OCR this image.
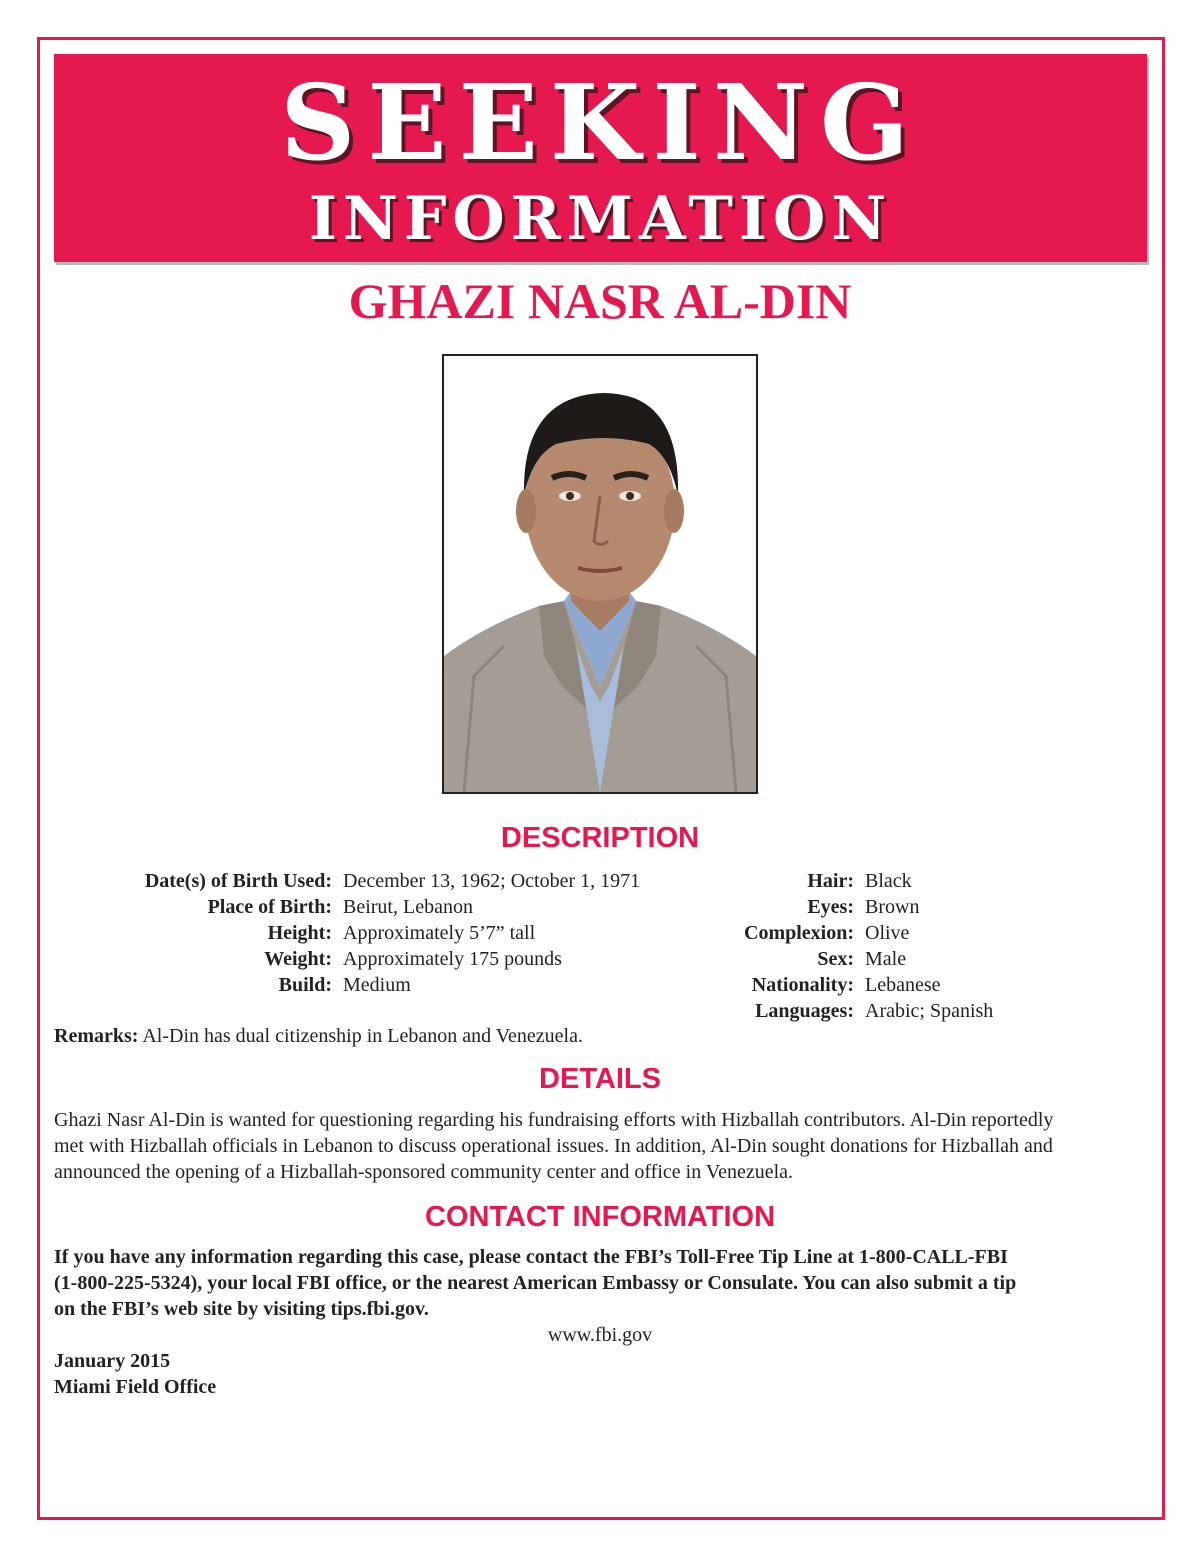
SEEKING
INFORMATION
GHAZI NASR AL-DIN
DESCRIPTION
Date(s) of Birth Used: December 13, 1962; October 1, 1971
Place of Birth: Beirut, Lebanon
Height: Approximately 5’7” tall
Weight: Approximately 175 pounds
Build: Medium
Hair: Black
Eyes: Brown
Complexion: Olive
Sex: Male
Nationality: Lebanese
Languages: Arabic; Spanish
Remarks: Al-Din has dual citizenship in Lebanon and Venezuela.
DETAILS
Ghazi Nasr Al-Din is wanted for questioning regarding his fundraising efforts with Hizballah contributors. Al-Din reportedly
met with Hizballah officials in Lebanon to discuss operational issues. In addition, Al-Din sought donations for Hizballah and
announced the opening of a Hizballah-sponsored community center and office in Venezuela.
CONTACT INFORMATION
If you have any information regarding this case, please contact the FBI’s Toll-Free Tip Line at 1-800-CALL-FBI
(1-800-225-5324), your local FBI office, or the nearest American Embassy or Consulate. You can also submit a tip
on the FBI’s web site by visiting tips.fbi.gov.
www.fbi.gov
January 2015
Miami Field Office
